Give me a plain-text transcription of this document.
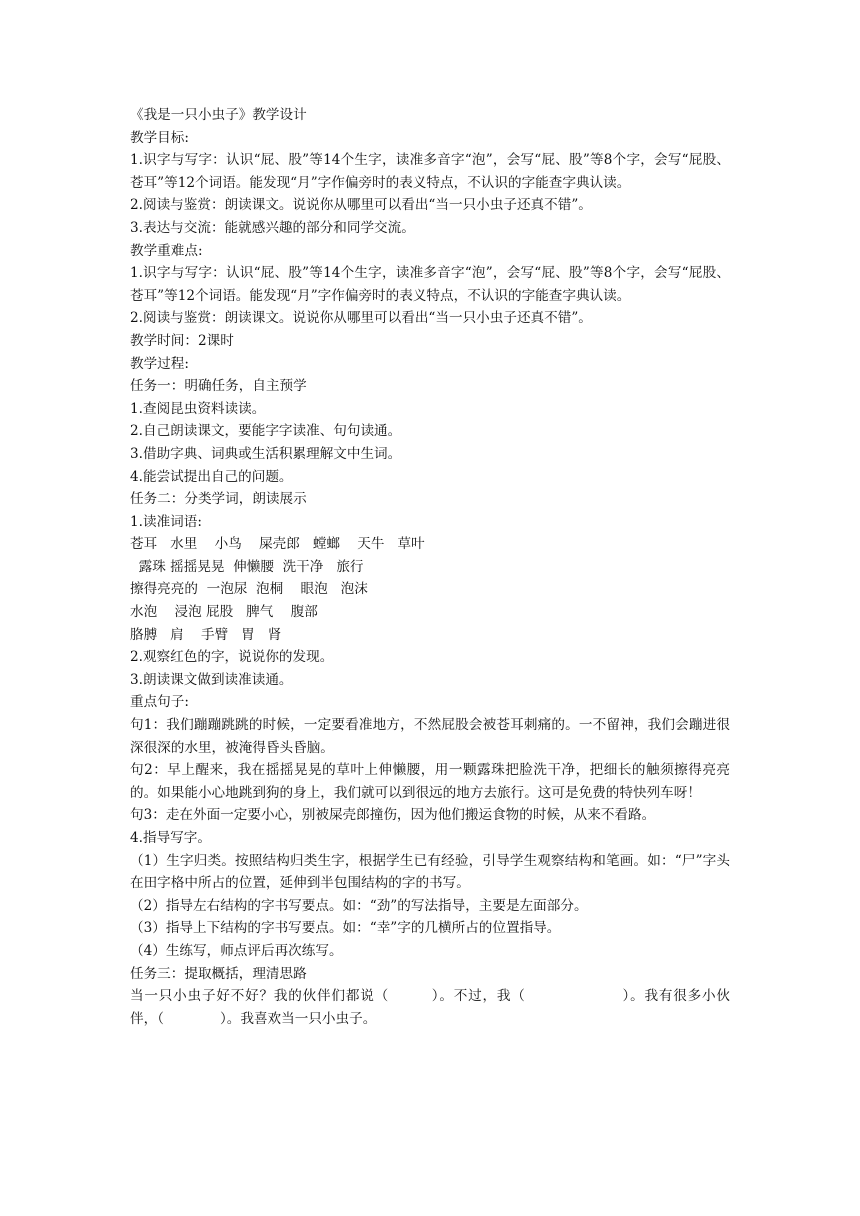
《我是一只小虫子》教学设计
教学目标:
1.识字与写字：认识“屁、股”等14个生字，读准多音字“泡”，会写“屁、股”等8个字，会写“屁股、苍耳”等12个词语。能发现“月”字作偏旁时的表义特点，不认识的字能查字典认读。
2.阅读与鉴赏：朗读课文。说说你从哪里可以看出“当一只小虫子还真不错”。
3.表达与交流：能就感兴趣的部分和同学交流。
教学重难点:
1.识字与写字：认识“屁、股”等14个生字，读准多音字“泡”，会写“屁、股”等8个字，会写“屁股、苍耳”等12个词语。能发现“月”字作偏旁时的表义特点，不认识的字能查字典认读。
2.阅读与鉴赏：朗读课文。说说你从哪里可以看出“当一只小虫子还真不错”。
教学时间：2课时
教学过程:
任务一：明确任务，自主预学
1.查阅昆虫资料读读。
2.自己朗读课文，要能字字读准、句句读通。
3.借助字典、词典或生活积累理解文中生词。
4.能尝试提出自己的问题。
任务二：分类学词，朗读展示
1.读准词语:
苍耳   水里    小鸟    屎壳郎   螳螂    天牛   草叶
露珠 摇摇晃晃  伸懒腰  洗干净   旅行
擦得亮亮的  一泡尿  泡桐    眼泡   泡沫
水泡    浸泡 屁股   脾气    腹部
胳膊   肩    手臂   胃   肾
2.观察红色的字，说说你的发现。
3.朗读课文做到读准读通。
重点句子:
句1：我们蹦蹦跳跳的时候，一定要看准地方，不然屁股会被苍耳刺痛的。一不留神，我们会蹦进很深很深的水里，被淹得昏头昏脑。
句2：早上醒来，我在摇摇晃晃的草叶上伸懒腰，用一颗露珠把脸洗干净，把细长的触须擦得亮亮的。如果能小心地跳到狗的身上，我们就可以到很远的地方去旅行。这可是免费的特快列车呀！
句3：走在外面一定要小心，别被屎壳郎撞伤，因为他们搬运食物的时候，从来不看路。
4.指导写字。
（1）生字归类。按照结构归类生字，根据学生已有经验，引导学生观察结构和笔画。如：“尸”字头在田字格中所占的位置，延伸到半包围结构的字的书写。
（2）指导左右结构的字书写要点。如：“劲”的写法指导，主要是左面部分。
（3）指导上下结构的字书写要点。如：“幸”字的几横所占的位置指导。
（4）生练写，师点评后再次练写。
任务三：提取概括，理清思路
当一只小虫子好不好？我的伙伴们都说（	）。不过，我（	）。我有很多小伙伴，（	）。我喜欢当一只小虫子。
